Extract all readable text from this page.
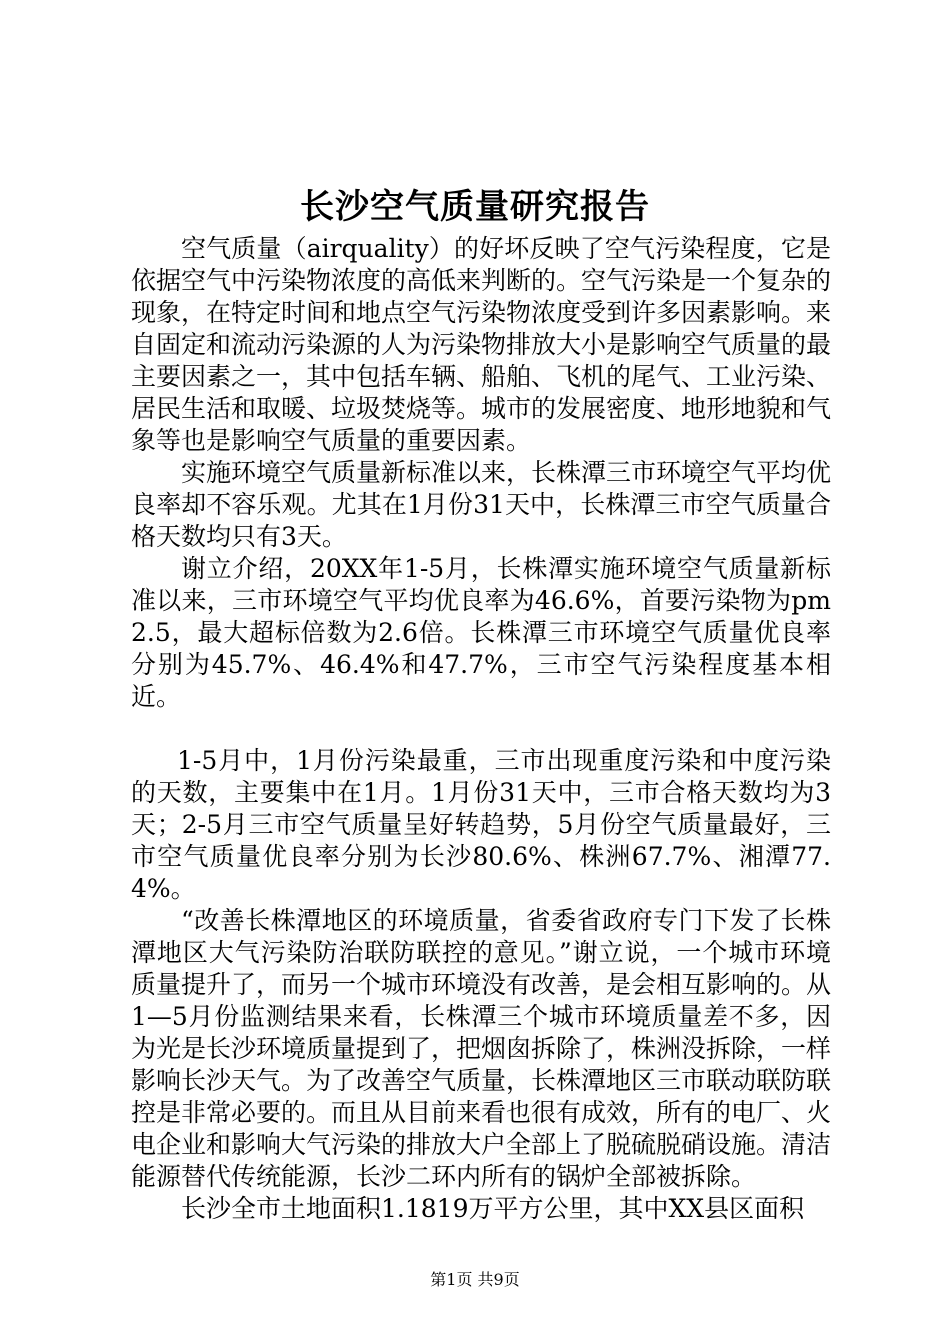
长沙空气质量研究报告

空气质量（airquality）的好坏反映了空气污染程度，它是依据空气中污染物浓度的高低来判断的。空气污染是一个复杂的现象，在特定时间和地点空气污染物浓度受到许多因素影响。来自固定和流动污染源的人为污染物排放大小是影响空气质量的最主要因素之一，其中包括车辆、船舶、飞机的尾气、工业污染、居民生活和取暖、垃圾焚烧等。城市的发展密度、地形地貌和气象等也是影响空气质量的重要因素。

实施环境空气质量新标准以来，长株潭三市环境空气平均优良率却不容乐观。尤其在1月份31天中，长株潭三市空气质量合格天数均只有3天。

谢立介绍，20XX年1-5月，长株潭实施环境空气质量新标准以来，三市环境空气平均优良率为46.6%，首要污染物为pm2.5，最大超标倍数为2.6倍。长株潭三市环境空气质量优良率分别为45.7%、46.4%和47.7%，三市空气污染程度基本相近。

1-5月中，1月份污染最重，三市出现重度污染和中度污染的天数，主要集中在1月。1月份31天中，三市合格天数均为3天；2-5月三市空气质量呈好转趋势，5月份空气质量最好，三市空气质量优良率分别为长沙80.6%、株洲67.7%、湘潭77.4%。

“改善长株潭地区的环境质量，省委省政府专门下发了长株潭地区大气污染防治联防联控的意见。”谢立说，一个城市环境质量提升了，而另一个城市环境没有改善，是会相互影响的。从1—5月份监测结果来看，长株潭三个城市环境质量差不多，因为光是长沙环境质量提到了，把烟囱拆除了，株洲没拆除，一样影响长沙天气。为了改善空气质量，长株潭地区三市联动联防联控是非常必要的。而且从目前来看也很有成效，所有的电厂、火电企业和影响大气污染的排放大户全部上了脱硫脱硝设施。清洁能源替代传统能源，长沙二环内所有的锅炉全部被拆除。

长沙全市土地面积1.1819万平方公里，其中XX县区面积

第1页 共9页
